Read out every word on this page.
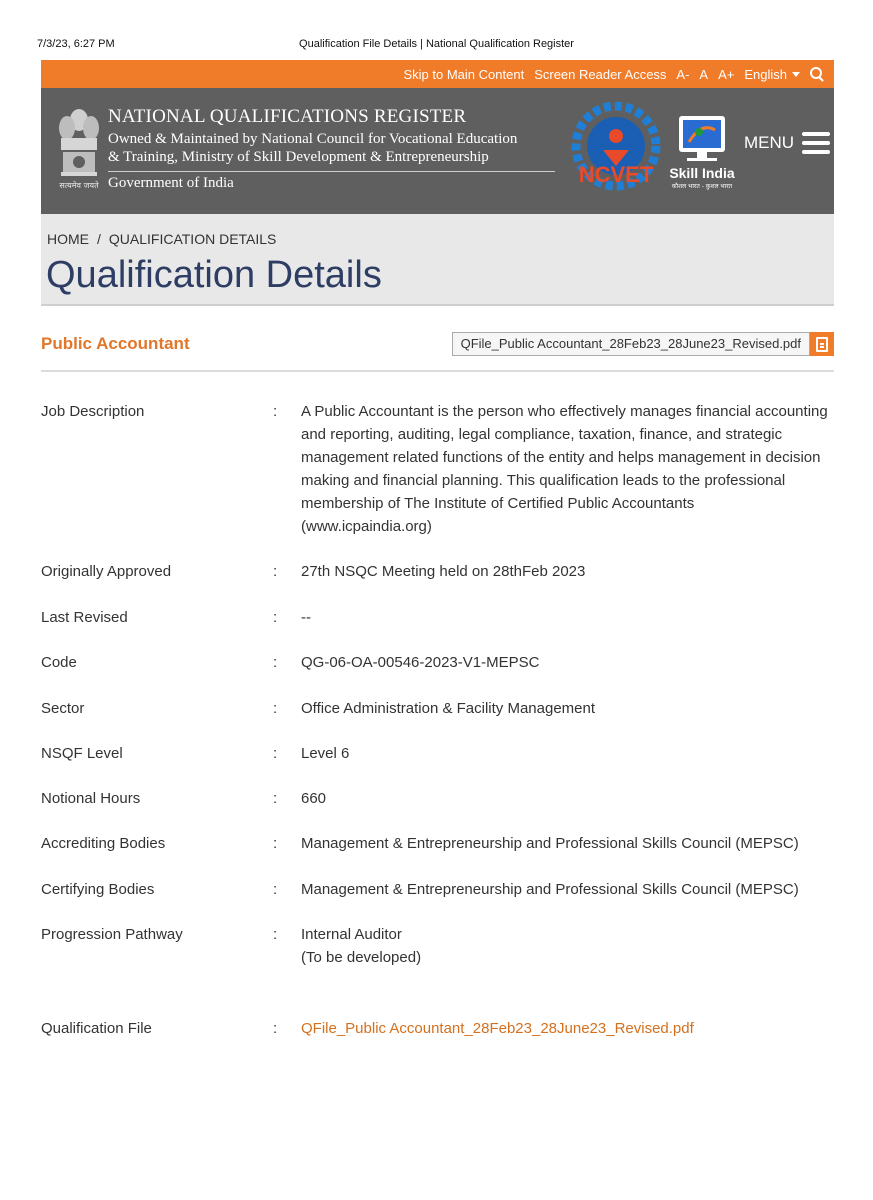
7/3/23, 6:27 PM	Qualification File Details | National Qualification Register
Skip to Main Content Screen Reader Access A- A A+ English
सत्यमेव जयते
NATIONAL QUALIFICATIONS REGISTER
Owned & Maintained by National Council for Vocational Education
& Training, Ministry of Skill Development & Entrepreneurship
Government of India	NCVET Skill India
कौशल भारत - कुशल भारत
MENU
HOME / QUALIFICATION DETAILS
Qualification Details
Public Accountant	QFile_Public Accountant_28Feb23_28June23_Revised.pdf
Job Description	:	A Public Accountant is the person who effectively manages financial accounting and reporting, auditing, legal compliance, taxation, finance, and strategic management related functions of the entity and helps management in decision making and financial planning. This qualification leads to the professional membership of The Institute of Certified Public Accountants (www.icpaindia.org)
Originally Approved	:	27th NSQC Meeting held on 28thFeb 2023
Last Revised	:	--
Code	:	QG-06-OA-00546-2023-V1-MEPSC
Sector	:	Office Administration & Facility Management
NSQF Level	:	Level 6
Notional Hours	:	660
Accrediting Bodies	:	Management & Entrepreneurship and Professional Skills Council (MEPSC)
Certifying Bodies	:	Management & Entrepreneurship and Professional Skills Council (MEPSC)
Progression Pathway	:	Internal Auditor
(To be developed)
Qualification File	:	QFile_Public Accountant_28Feb23_28June23_Revised.pdf
